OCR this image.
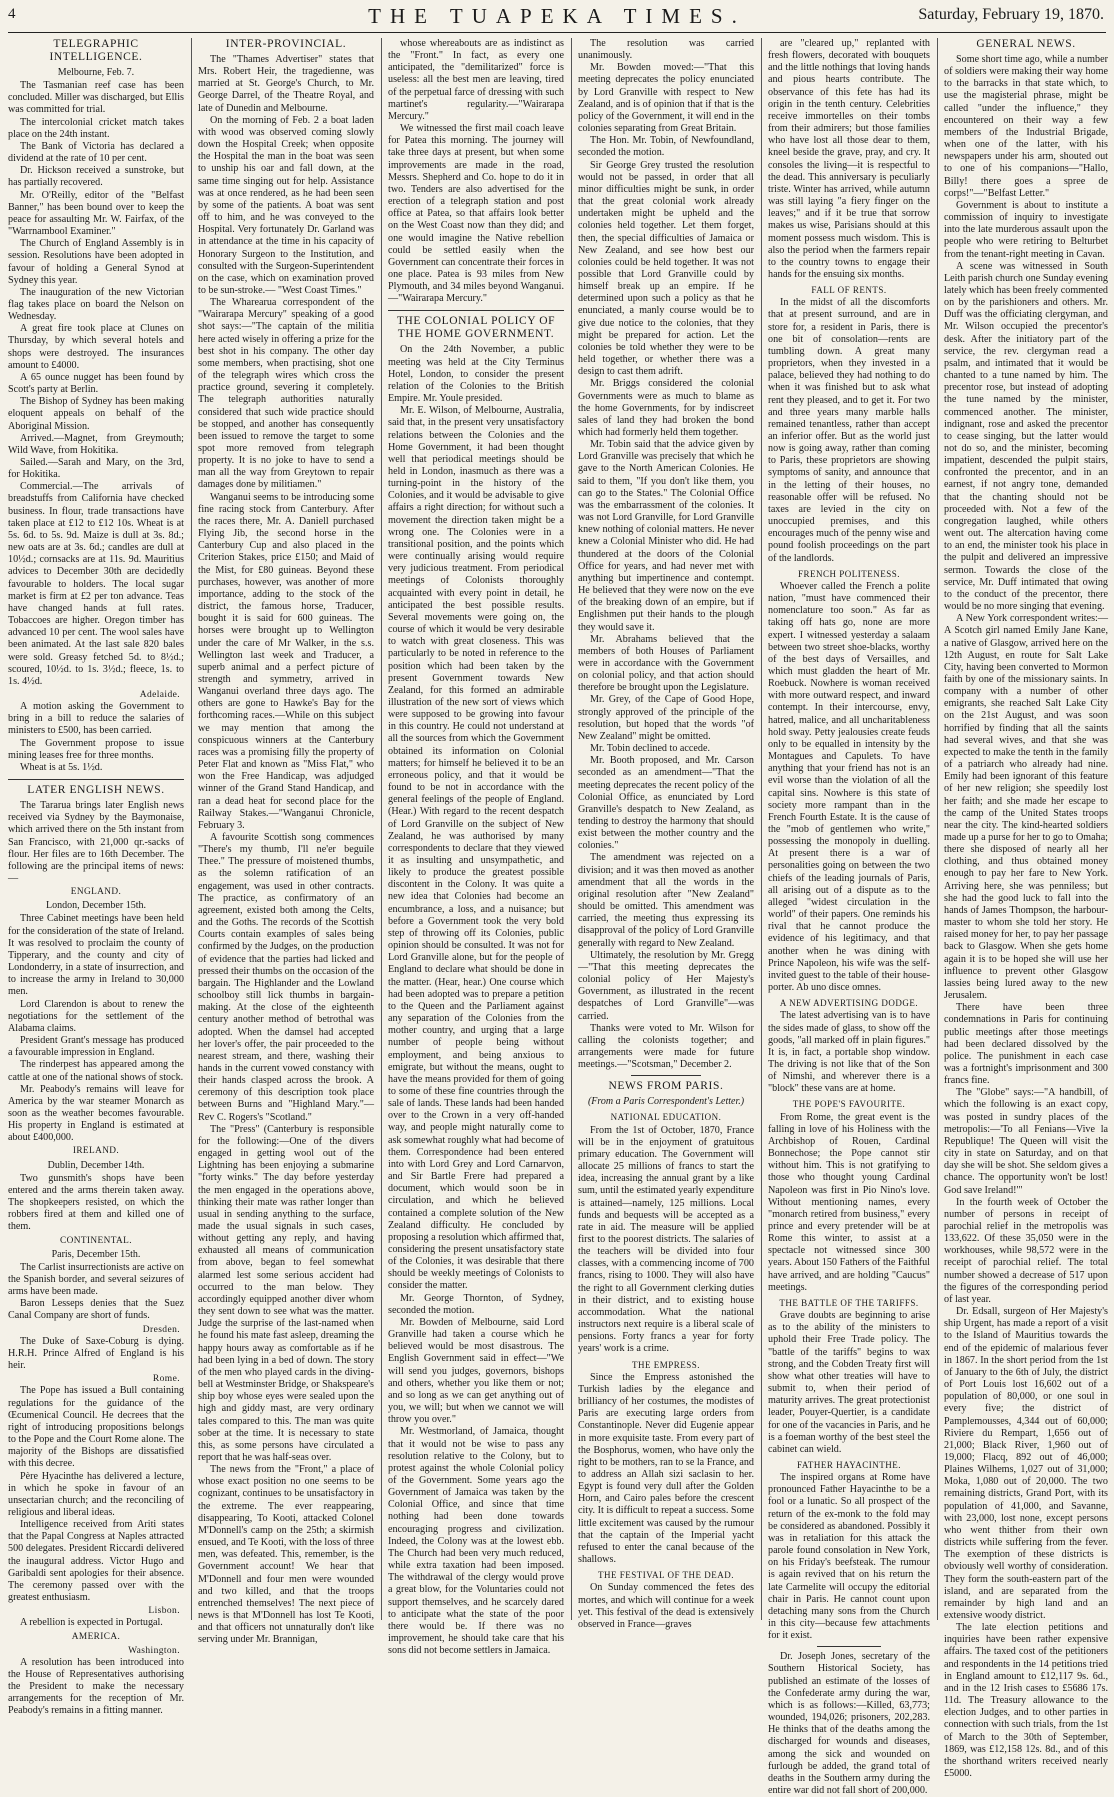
4	THE TUAPEKA TIMES.	Saturday, February 19, 1870.
TELEGRAPHIC INTELLIGENCE.
Melbourne, Feb. 7.

The Tasmanian reef case has been concluded. Miller was discharged, but Ellis was committed for trial.

The intercolonial cricket match takes place on the 24th instant.

The Bank of Victoria has declared a dividend at the rate of 10 per cent.

Dr. Hickson received a sunstroke, but has partially recovered.

Mr. O'Reilly, editor of the "Belfast Banner," has been bound over to keep the peace for assaulting Mr. W. Fairfax, of the "Warrnambool Examiner."

The Church of England Assembly is in session. Resolutions have been adopted in favour of holding a General Synod at Sydney this year.

The inauguration of the new Victorian flag takes place on board the Nelson on Wednesday.

A great fire took place at Clunes on Thursday, by which several hotels and shops were destroyed. The insurances amount to £4000.

A 65 ounce nugget has been found by Scott's party at Berlin.

The Bishop of Sydney has been making eloquent appeals on behalf of the Aboriginal Mission.

Arrived.—Magnet, from Greymouth; Wild Wave, from Hokitika.

Sailed.—Sarah and Mary, on the 3rd, for Hokitika.

Commercial.—The arrivals of breadstuffs from California have checked business. In flour, trade transactions have taken place at £12 to £12 10s. Wheat is at 5s. 6d. to 5s. 9d. Maize is dull at 3s. 8d.; new oats are at 3s. 6d.; candles are dull at 10½d.; cornsacks are at 11s. 9d. Mauritius advices to December 30th are decidedly favourable to holders. The local sugar market is firm at £2 per ton advance. Teas have changed hands at full rates. Tobaccoes are higher. Oregon timber has advanced 10 per cent. The wool sales have been animated. At the last sale 820 bales were sold. Greasy fetched 5d. to 8½d.; scoured, 10½d. to 1s. 3½d.; fleece, 1s. to 1s. 4½d.

Adelaide.

A motion asking the Government to bring in a bill to reduce the salaries of ministers to £500, has been carried.

The Government propose to issue mining leases free for three months.

Wheat is at 5s. 1½d.

LATER ENGLISH NEWS.

The Tararua brings later English news received via Sydney by the Baymonaise, which arrived there on the 5th instant from San Francisco, with 21,000 qr.-sacks of flour. Her files are to 16th December. The following are the principal items of news:—

ENGLAND.
London, December 15th.

Three Cabinet meetings have been held for the consideration of the state of Ireland. It was resolved to proclaim the county of Tipperary, and the county and city of Londonderry, in a state of insurrection, and to increase the army in Ireland to 30,000 men.

Lord Clarendon is about to renew the negotiations for the settlement of the Alabama claims.

President Grant's message has produced a favourable impression in England.

The rinderpest has appeared among the cattle at one of the national shows of stock.

Mr. Peabody's remains will leave for America by the war steamer Monarch as soon as the weather becomes favourable. His property in England is estimated at about £400,000.

IRELAND.
Dublin, December 14th.

Two gunsmith's shops have been entered and the arms therein taken away. The shopkeepers resisted, on which the robbers fired at them and killed one of them.

CONTINENTAL.
Paris, December 15th.

The Carlist insurrectionists are active on the Spanish border, and several seizures of arms have been made.

Baron Lesseps denies that the Suez Canal Company are short of funds.

Dresden.

The Duke of Saxe-Coburg is dying. H.R.H. Prince Alfred of England is his heir.

Rome.

The Pope has issued a Bull containing regulations for the guidance of the Œcumenical Council. He decrees that the right of introducing propositions belongs to the Pope and the Court Rome alone. The majority of the Bishops are dissatisfied with this decree.

Père Hyacinthe has delivered a lecture, in which he spoke in favour of an unsectarian church; and the reconciling of religious and liberal ideas.

Intelligence received from Ariti states that the Papal Congress at Naples attracted 500 delegates. President Riccardi delivered the inaugural address. Victor Hugo and Garibaldi sent apologies for their absence. The ceremony passed over with the greatest enthusiasm.

Lisbon.

A rebellion is expected in Portugal.

AMERICA.
Washington.

A resolution has been introduced into the House of Representatives authorising the President to make the necessary arrangements for the reception of Mr. Peabody's remains in a fitting manner.

INTER-PROVINCIAL.

The "Thames Advertiser" states that Mrs. Robert Heir, the tragedienne, was married at St. George's Church, to Mr. George Darrel, of the Theatre Royal, and late of Dunedin and Melbourne.

On the morning of Feb. 2 a boat laden with wood was observed coming slowly down the Hospital Creek; when opposite the Hospital the man in the boat was seen to unship his oar and fall down, at the same time singing out for help. Assistance was at once rendered, as he had been seen by some of the patients. A boat was sent off to him, and he was conveyed to the Hospital. Very fortunately Dr. Garland was in attendance at the time in his capacity of Honorary Surgeon to the Institution, and consulted with the Surgeon-Superintendent on the case, which on examination proved to be sun-stroke.— "West Coast Times."

The Wharearua correspondent of the "Wairarapa Mercury" speaking of a good shot says:—"The captain of the militia here acted wisely in offering a prize for the best shot in his company. The other day some members, when practising, shot one of the telegraph wires which cross the practice ground, severing it completely. The telegraph authorities naturally considered that such wide practice should be stopped, and another has consequently been issued to remove the target to some spot more removed from telegraph property. It is no joke to have to send a man all the way from Greytown to repair damages done by militiamen."

Wanganui seems to be introducing some fine racing stock from Canterbury. After the races there, Mr. A. Daniell purchased Flying Jib, the second horse in the Canterbury Cup and also placed in the Criterion Stakes, price £150; and Maid of the Mist, for £80 guineas. Beyond these purchases, however, was another of more importance, adding to the stock of the district, the famous horse, Traducer, bought it is said for 600 guineas. The horses were brought up to Wellington under the care of Mr Walker, in the s.s. Wellington last week and Traducer, a superb animal and a perfect picture of strength and symmetry, arrived in Wanganui overland three days ago. The others are gone to Hawke's Bay for the forthcoming races.—While on this subject we may mention that among the conspicuous winners at the Canterbury races was a promising filly the property of Peter Flat and known as "Miss Flat," who won the Free Handicap, was adjudged winner of the Grand Stand Handicap, and ran a dead heat for second place for the Railway Stakes.—"Wanganui Chronicle, February 3.

A favourite Scottish song commences "There's my thumb, I'll ne'er beguile Thee." The pressure of moistened thumbs, as the solemn ratification of an engagement, was used in other contracts. The practice, as confirmatory of an agreement, existed both among the Celts, and the Goths. The records of the Scottish Courts contain examples of sales being confirmed by the Judges, on the production of evidence that the parties had licked and pressed their thumbs on the occasion of the bargain. The Highlander and the Lowland schoolboy still lick thumbs in bargain-making. At the close of the eighteenth century another method of betrothal was adopted. When the damsel had accepted her lover's offer, the pair proceeded to the nearest stream, and there, washing their hands in the current vowed constancy with their hands clasped across the brook. A ceremony of this description took place between Burns and "Highland Mary."—Rev C. Rogers's "Scotland."

The "Press" (Canterbury is responsible for the following:—One of the divers engaged in getting wool out of the Lightning has been enjoying a submarine "forty winks." The day before yesterday the men engaged in the operations above, thinking their mate was rather longer than usual in sending anything to the surface, made the usual signals in such cases, without getting any reply, and having exhausted all means of communication from above, began to feel somewhat alarmed lest some serious accident had occurred to the man below. They accordingly equipped another diver whom they sent down to see what was the matter. Judge the surprise of the last-named when he found his mate fast asleep, dreaming the happy hours away as comfortable as if he had been lying in a bed of down. The story of the men who played cards in the diving-bell at Westminster Bridge, or Shakspeare's ship boy whose eyes were sealed upon the high and giddy mast, are very ordinary tales compared to this. The man was quite sober at the time. It is necessary to state this, as some persons have circulated a report that he was half-seas over.

The news from the "Front," a place of whose exact position no one seems to be cognizant, continues to be unsatisfactory in the extreme. The ever reappearing, disappearing, To Kooti, attacked Colonel M'Donnell's camp on the 25th; a skirmish ensued, and Te Kooti, with the loss of three men, was defeated. This, remember, is the Government account! We hear that M'Donnell and four men were wounded and two killed, and that the troops entrenched themselves! The next piece of news is that M'Donnell has lost Te Kooti, and that officers not unnaturally don't like serving under Mr. Brannigan,

whose whereabouts are as indistinct as the "Front." In fact, as every one anticipated, the "demilitarized" force is useless: all the best men are leaving, tired of the perpetual farce of dressing with such martinet's regularity.—"Wairarapa Mercury."

We witnessed the first mail coach leave for Patea this morning. The journey will take three days at present, but when some improvements are made in the road, Messrs. Shepherd and Co. hope to do it in two. Tenders are also advertised for the erection of a telegraph station and post office at Patea, so that affairs look better on the West Coast now than they did; and one would imagine the Native rebellion could be settled easily when the Government can concentrate their forces in one place. Patea is 93 miles from New Plymouth, and 34 miles beyond Wanganui.—"Wairarapa Mercury."

THE COLONIAL POLICY OF THE HOME GOVERNMENT.

On the 24th November, a public meeting was held at the City Terminus Hotel, London, to consider the present relation of the Colonies to the British Empire. Mr. Youle presided.

Mr. E. Wilson, of Melbourne, Australia, said that, in the present very unsatisfactory relations between the Colonies and the Home Government, it had been thought well that periodical meetings should be held in London, inasmuch as there was a turning-point in the history of the Colonies, and it would be advisable to give affairs a right direction; for without such a movement the direction taken might be a wrong one. The Colonies were in a transitional position, and the points which were continually arising would require very judicious treatment. From periodical meetings of Colonists thoroughly acquainted with every point in detail, he anticipated the best possible results. Several movements were going on, the course of which it would be very desirable to watch with great closeness. This was particularly to be noted in reference to the position which had been taken by the present Government towards New Zealand, for this formed an admirable illustration of the new sort of views which were supposed to be growing into favour in this country. He could not understand at all the sources from which the Government obtained its information on Colonial matters; for himself he believed it to be an erroneous policy, and that it would be found to be not in accordance with the general feelings of the people of England. (Hear.) With regard to the recent despatch of Lord Granville on the subject of New Zealand, he was authorised by many correspondents to declare that they viewed it as insulting and unsympathetic, and likely to produce the greatest possible discontent in the Colony. It was quite a new idea that Colonies had become an encumbrance, a loss, and a nuisance; but before a Government took the very bold step of throwing off its Colonies, public opinion should be consulted. It was not for Lord Granville alone, but for the people of England to declare what should be done in the matter. (Hear, hear.) One course which had been adopted was to prepare a petition to the Queen and the Parliament against any separation of the Colonies from the mother country, and urging that a large number of people being without employment, and being anxious to emigrate, but without the means, ought to have the means provided for them of going to some of these fine countries through the sale of lands. These lands had been handed over to the Crown in a very off-handed way, and people might naturally come to ask somewhat roughly what had become of them. Correspondence had been entered into with Lord Grey and Lord Carnarvon, and Sir Bartle Frere had prepared a document, which would soon be in circulation, and which he believed contained a complete solution of the New Zealand difficulty. He concluded by proposing a resolution which affirmed that, considering the present unsatisfactory state of the Colonies, it was desirable that there should be weekly meetings of Colonists to consider the matter.

Mr. George Thornton, of Sydney, seconded the motion.

Mr. Bowden of Melbourne, said Lord Granville had taken a course which he believed would be most disastrous. The English Government said in effect—"We will send you judges, governors, bishops and others, whether you like them or not; and so long as we can get anything out of you, we will; but when we cannot we will throw you over."

Mr. Westmorland, of Jamaica, thought that it would not be wise to pass any resolution relative to the Colony, but to protest against the whole Colonial policy of the Government. Some years ago the Government of Jamaica was taken by the Colonial Office, and since that time nothing had been done towards encouraging progress and civilization. Indeed, the Colony was at the lowest ebb. The Church had been very much reduced, while extra taxation had been imposed. The withdrawal of the clergy would prove a great blow, for the Voluntaries could not support themselves, and he scarcely dared to anticipate what the state of the poor there would be. If there was no improvement, he should take care that his sons did not become settlers in Jamaica.

The resolution was carried unanimously.

Mr. Bowden moved:—"That this meeting deprecates the policy enunciated by Lord Granville with respect to New Zealand, and is of opinion that if that is the policy of the Government, it will end in the colonies separating from Great Britain.

The Hon. Mr. Tobin, of Newfoundland, seconded the motion.

Sir George Grey trusted the resolution would not be passed, in order that all minor difficulties might be sunk, in order that the great colonial work already undertaken might be upheld and the colonies held together. Let them forget, then, the special difficulties of Jamaica or New Zealand, and see how best our colonies could be held together. It was not possible that Lord Granville could by himself break up an empire. If he determined upon such a policy as that he enunciated, a manly course would be to give due notice to the colonies, that they might be prepared for action. Let the colonies be told whether they were to be held together, or whether there was a design to cast them adrift.

Mr. Briggs considered the colonial Governments were as much to blame as the home Governments, for by indiscreet sales of land they had broken the bond which had formerly held them together.

Mr. Tobin said that the advice given by Lord Granville was precisely that which he gave to the North American Colonies. He said to them, "If you don't like them, you can go to the States." The Colonial Office was the embarrassment of the colonies. It was not Lord Granville, for Lord Granville knew nothing of colonial matters. He never knew a Colonial Minister who did. He had thundered at the doors of the Colonial Office for years, and had never met with anything but impertinence and contempt. He believed that they were now on the eve of the breaking down of an empire, but if Englishmen put their hands to the plough they would save it.

Mr. Abrahams believed that the members of both Houses of Parliament were in accordance with the Government on colonial policy, and that action should therefore be brought upon the Legislature.

Mr. Grey, of the Cape of Good Hope, strongly approved of the principle of the resolution, but hoped that the words "of New Zealand" might be omitted.

Mr. Tobin declined to accede.

Mr. Booth proposed, and Mr. Carson seconded as an amendment—"That the meeting deprecates the recent policy of the Colonial Office, as enunciated by Lord Granville's despatch to New Zealand, as tending to destroy the harmony that should exist between the mother country and the colonies."

The amendment was rejected on a division; and it was then moved as another amendment that all the words in the original resolution after "New Zealand" should be omitted. This amendment was carried, the meeting thus expressing its disapproval of the policy of Lord Granville generally with regard to New Zealand.

Ultimately, the resolution by Mr. Gregg—"That this meeting deprecates the colonial policy of Her Majesty's Government, as illustrated in the recent despatches of Lord Granville"—was carried.

Thanks were voted to Mr. Wilson for calling the colonists together; and arrangements were made for future meetings.—"Scotsman," December 2.

NEWS FROM PARIS.
(From a Paris Correspondent's Letter.)
NATIONAL EDUCATION.

From the 1st of October, 1870, France will be in the enjoyment of gratuitous primary education. The Government will allocate 25 millions of francs to start the idea, increasing the annual grant by a like sum, until the estimated yearly expenditure is attained—namely, 125 millions. Local funds and bequests will be accepted as a rate in aid. The measure will be applied first to the poorest districts. The salaries of the teachers will be divided into four classes, with a commencing income of 700 francs, rising to 1000. They will also have the right to all Government clerking duties in their district, and to existing house accommodation. What the national instructors next require is a liberal scale of pensions. Forty francs a year for forty years' work is a crime.

THE EMPRESS.

Since the Empress astonished the Turkish ladies by the elegance and brilliancy of her costumes, the modistes of Paris are executing large orders from Constantinople. Never did Eugenie appear in more exquisite taste. From every part of the Bosphorus, women, who have only the right to be mothers, ran to se la France, and to address an Allah sizi saclasin to her. Egypt is found very dull after the Golden Horn, and Cairo pales before the crescent city. It is difficult to repeat a success. Some little excitement was caused by the rumour that the captain of the Imperial yacht refused to enter the canal because of the shallows.

THE FESTIVAL OF THE DEAD.

On Sunday commenced the fetes des mortes, and which will continue for a week yet. This festival of the dead is extensively observed in France—graves

are "cleared up," replanted with fresh flowers, decorated with bouquets and the little nothings that loving hands and pious hearts contribute. The observance of this fete has had its origin in the tenth century. Celebrities receive immortelles on their tombs from their admirers; but those families who have lost all those dear to them, kneel beside the grave, pray, and cry. It consoles the living—it is respectful to the dead. This anniversary is peculiarly triste. Winter has arrived, while autumn was still laying "a fiery finger on the leaves;" and if it be true that sorrow makes us wise, Parisians should at this moment possess much wisdom. This is also the period when the farmers repair to the country towns to engage their hands for the ensuing six months.

FALL OF RENTS.

In the midst of all the discomforts that at present surround, and are in store for, a resident in Paris, there is one bit of consolation—rents are tumbling down. A great many proprietors, when they invested in a palace, believed they had nothing to do when it was finished but to ask what rent they pleased, and to get it. For two and three years many marble halls remained tenantless, rather than accept an inferior offer. But as the world just now is going away, rather than coming to Paris, these proprietors are showing symptoms of sanity, and announce that in the letting of their houses, no reasonable offer will be refused. No taxes are levied in the city on unoccupied premises, and this encourages much of the penny wise and pound foolish proceedings on the part of the landlords.

FRENCH POLITENESS.

Whoever called the French a polite nation, "must have commenced their nomenclature too soon." As far as taking off hats go, none are more expert. I witnessed yesterday a salaam between two street shoe-blacks, worthy of the best days of Versailles, and which must gladden the heart of Mr. Roebuck. Nowhere is woman received with more outward respect, and inward contempt. In their intercourse, envy, hatred, malice, and all uncharitableness hold sway. Petty jealousies create feuds only to be equalled in intensity by the Montagues and Capulets. To have anything that your friend has not is an evil worse than the violation of all the capital sins. Nowhere is this state of society more rampant than in the French Fourth Estate. It is the cause of the "mob of gentlemen who write," possessing the monopoly in duelling. At present there is a war of personalities going on between the two chiefs of the leading journals of Paris, all arising out of a dispute as to the alleged "widest circulation in the world" of their papers. One reminds his rival that he cannot produce the evidence of his legitimacy, and that another when he was dining with Prince Napoleon, his wife was the self-invited guest to the table of their house-porter. Ab uno disce omnes.

A NEW ADVERTISING DODGE.

The latest advertising van is to have the sides made of glass, to show off the goods, "all marked off in plain figures." It is, in fact, a portable shop window. The driving is not like that of the Son of Nimshi, and wherever there is a "block" these vans are at home.

THE POPE'S FAVOURITE.

From Rome, the great event is the falling in love of his Holiness with the Archbishop of Rouen, Cardinal Bonnechose; the Pope cannot stir without him. This is not gratifying to those who thought young Cardinal Napoleon was first in Pio Nino's love. Without mentioning names, every "monarch retired from business," every prince and every pretender will be at Rome this winter, to assist at a spectacle not witnessed since 300 years. About 150 Fathers of the Faithful have arrived, and are holding "Caucus" meetings.

THE BATTLE OF THE TARIFFS.

Grave doubts are beginning to arise as to the ability of the ministers to uphold their Free Trade policy. The "battle of the tariffs" begins to wax strong, and the Cobden Treaty first will show what other treaties will have to submit to, when their period of maturity arrives. The great protectionist leader, Pouyer-Quertier, is a candidate for one of the vacancies in Paris, and he is a foeman worthy of the best steel the cabinet can wield.

FATHER HAYACINTHE.

The inspired organs at Rome have pronounced Father Hayacinthe to be a fool or a lunatic. So all prospect of the return of the ex-monk to the fold may be considered as abandoned. Possibly it was in retaliation for this attack the parole found consolation in New York, on his Friday's beefsteak. The rumour is again revived that on his return the late Carmelite will occupy the editorial chair in Paris. He cannot count upon detaching many sons from the Church in this city—because few attachments for it exist.

Dr. Joseph Jones, secretary of the Southern Historical Society, has published an estimate of the losses of the Confederate army during the war, which is as follows:—Killed, 63,773; wounded, 194,026; prisoners, 202,283. He thinks that of the deaths among the discharged for wounds and diseases, among the sick and wounded on furlough be added, the grand total of deaths in the Southern army during the entire war did not fall short of 200,000.

GENERAL NEWS.

Some short time ago, while a number of soldiers were making their way home to the barracks in that state which, to use the magisterial phrase, might be called "under the influence," they encountered on their way a few members of the Industrial Brigade, when one of the latter, with his newspapers under his arm, shouted out to one of his companions—"Hallo, Billy! there goes a spree de corps!"—"Belfast Letter."

Government is about to institute a commission of inquiry to investigate into the late murderous assault upon the people who were retiring to Belturbet from the tenant-right meeting in Cavan.

A scene was witnessed in South Leith parish church one Sunday evening lately which has been freely commented on by the parishioners and others. Mr. Duff was the officiating clergyman, and Mr. Wilson occupied the precentor's desk. After the initiatory part of the service, the rev. clergyman read a psalm, and intimated that it would be chanted to a tune named by him. The precentor rose, but instead of adopting the tune named by the minister, commenced another. The minister, indignant, rose and asked the precentor to cease singing, but the latter would not do so, and the minister, becoming impatient, descended the pulpit stairs, confronted the precentor, and in an earnest, if not angry tone, demanded that the chanting should not be proceeded with. Not a few of the congregation laughed, while others went out. The altercation having come to an end, the minister took his place in the pulpit and delivered an impressive sermon. Towards the close of the service, Mr. Duff intimated that owing to the conduct of the precentor, there would be no more singing that evening.

A New York correspondent writes:—A Scotch girl named Emily Jane Kane, a native of Glasgow, arrived here on the 12th August, en route for Salt Lake City, having been converted to Mormon faith by one of the missionary saints. In company with a number of other emigrants, she reached Salt Lake City on the 21st August, and was soon horrified by finding that all the saints had several wives, and that she was expected to make the tenth in the family of a patriarch who already had nine. Emily had been ignorant of this feature of her new religion; she speedily lost her faith; and she made her escape to the camp of the United States troops near the city. The kind-hearted soldiers made up a purse for her to go to Omaha; there she disposed of nearly all her clothing, and thus obtained money enough to pay her fare to New York. Arriving here, she was penniless; but she had the good luck to fall into the hands of James Thompson, the harbour-master to whom she told her story. He raised money for her, to pay her passage back to Glasgow. When she gets home again it is to be hoped she will use her influence to prevent other Glasgow lassies being lured away to the new Jerusalem.

There have been three condemnations in Paris for continuing public meetings after those meetings had been declared dissolved by the police. The punishment in each case was a fortnight's imprisonment and 300 francs fine.

The "Globe" says:—"A handbill, of which the following is an exact copy, was posted in sundry places of the metropolis:—'To all Fenians—Vive la Republique! The Queen will visit the city in state on Saturday, and on that day she will be shot. She seldom gives a chance. The opportunity won't be lost! God save Ireland!'"

In the fourth week of October the number of persons in receipt of parochial relief in the metropolis was 133,622. Of these 35,050 were in the workhouses, while 98,572 were in the receipt of parochial relief. The total number showed a decrease of 517 upon the figures of the corresponding period of last year.

Dr. Edsall, surgeon of Her Majesty's ship Urgent, has made a report of a visit to the Island of Mauritius towards the end of the epidemic of malarious fever in 1867. In the short period from the 1st of January to the 6th of July, the district of Port Louis lost 16,602 out of a population of 80,000, or one soul in every five; the district of Pamplemousses, 4,344 out of 60,000; Riviere du Rempart, 1,656 out of 21,000; Black River, 1,960 out of 19,000; Flacq, 892 out of 46,000; Plaines Wilhems, 1,027 out of 31,000; Moka, 1,080 out of 20,000. The two remaining districts, Grand Port, with its population of 41,000, and Savanne, with 23,000, lost none, except persons who went thither from their own districts while suffering from the fever. The exemption of these districts is obviously well worthy of consideration. They form the south-eastern part of the island, and are separated from the remainder by high land and an extensive woody district.

The late election petitions and inquiries have been rather expensive affairs. The taxed cost of the petitioners and respondents in the 14 petitions tried in England amount to £12,117 9s. 6d., and in the 12 Irish cases to £5686 17s. 11d. The Treasury allowance to the election Judges, and to other parties in connection with such trials, from the 1st of March to the 30th of September, 1869, was £12,158 12s. 8d., and of this the shorthand writers received nearly £5000.
